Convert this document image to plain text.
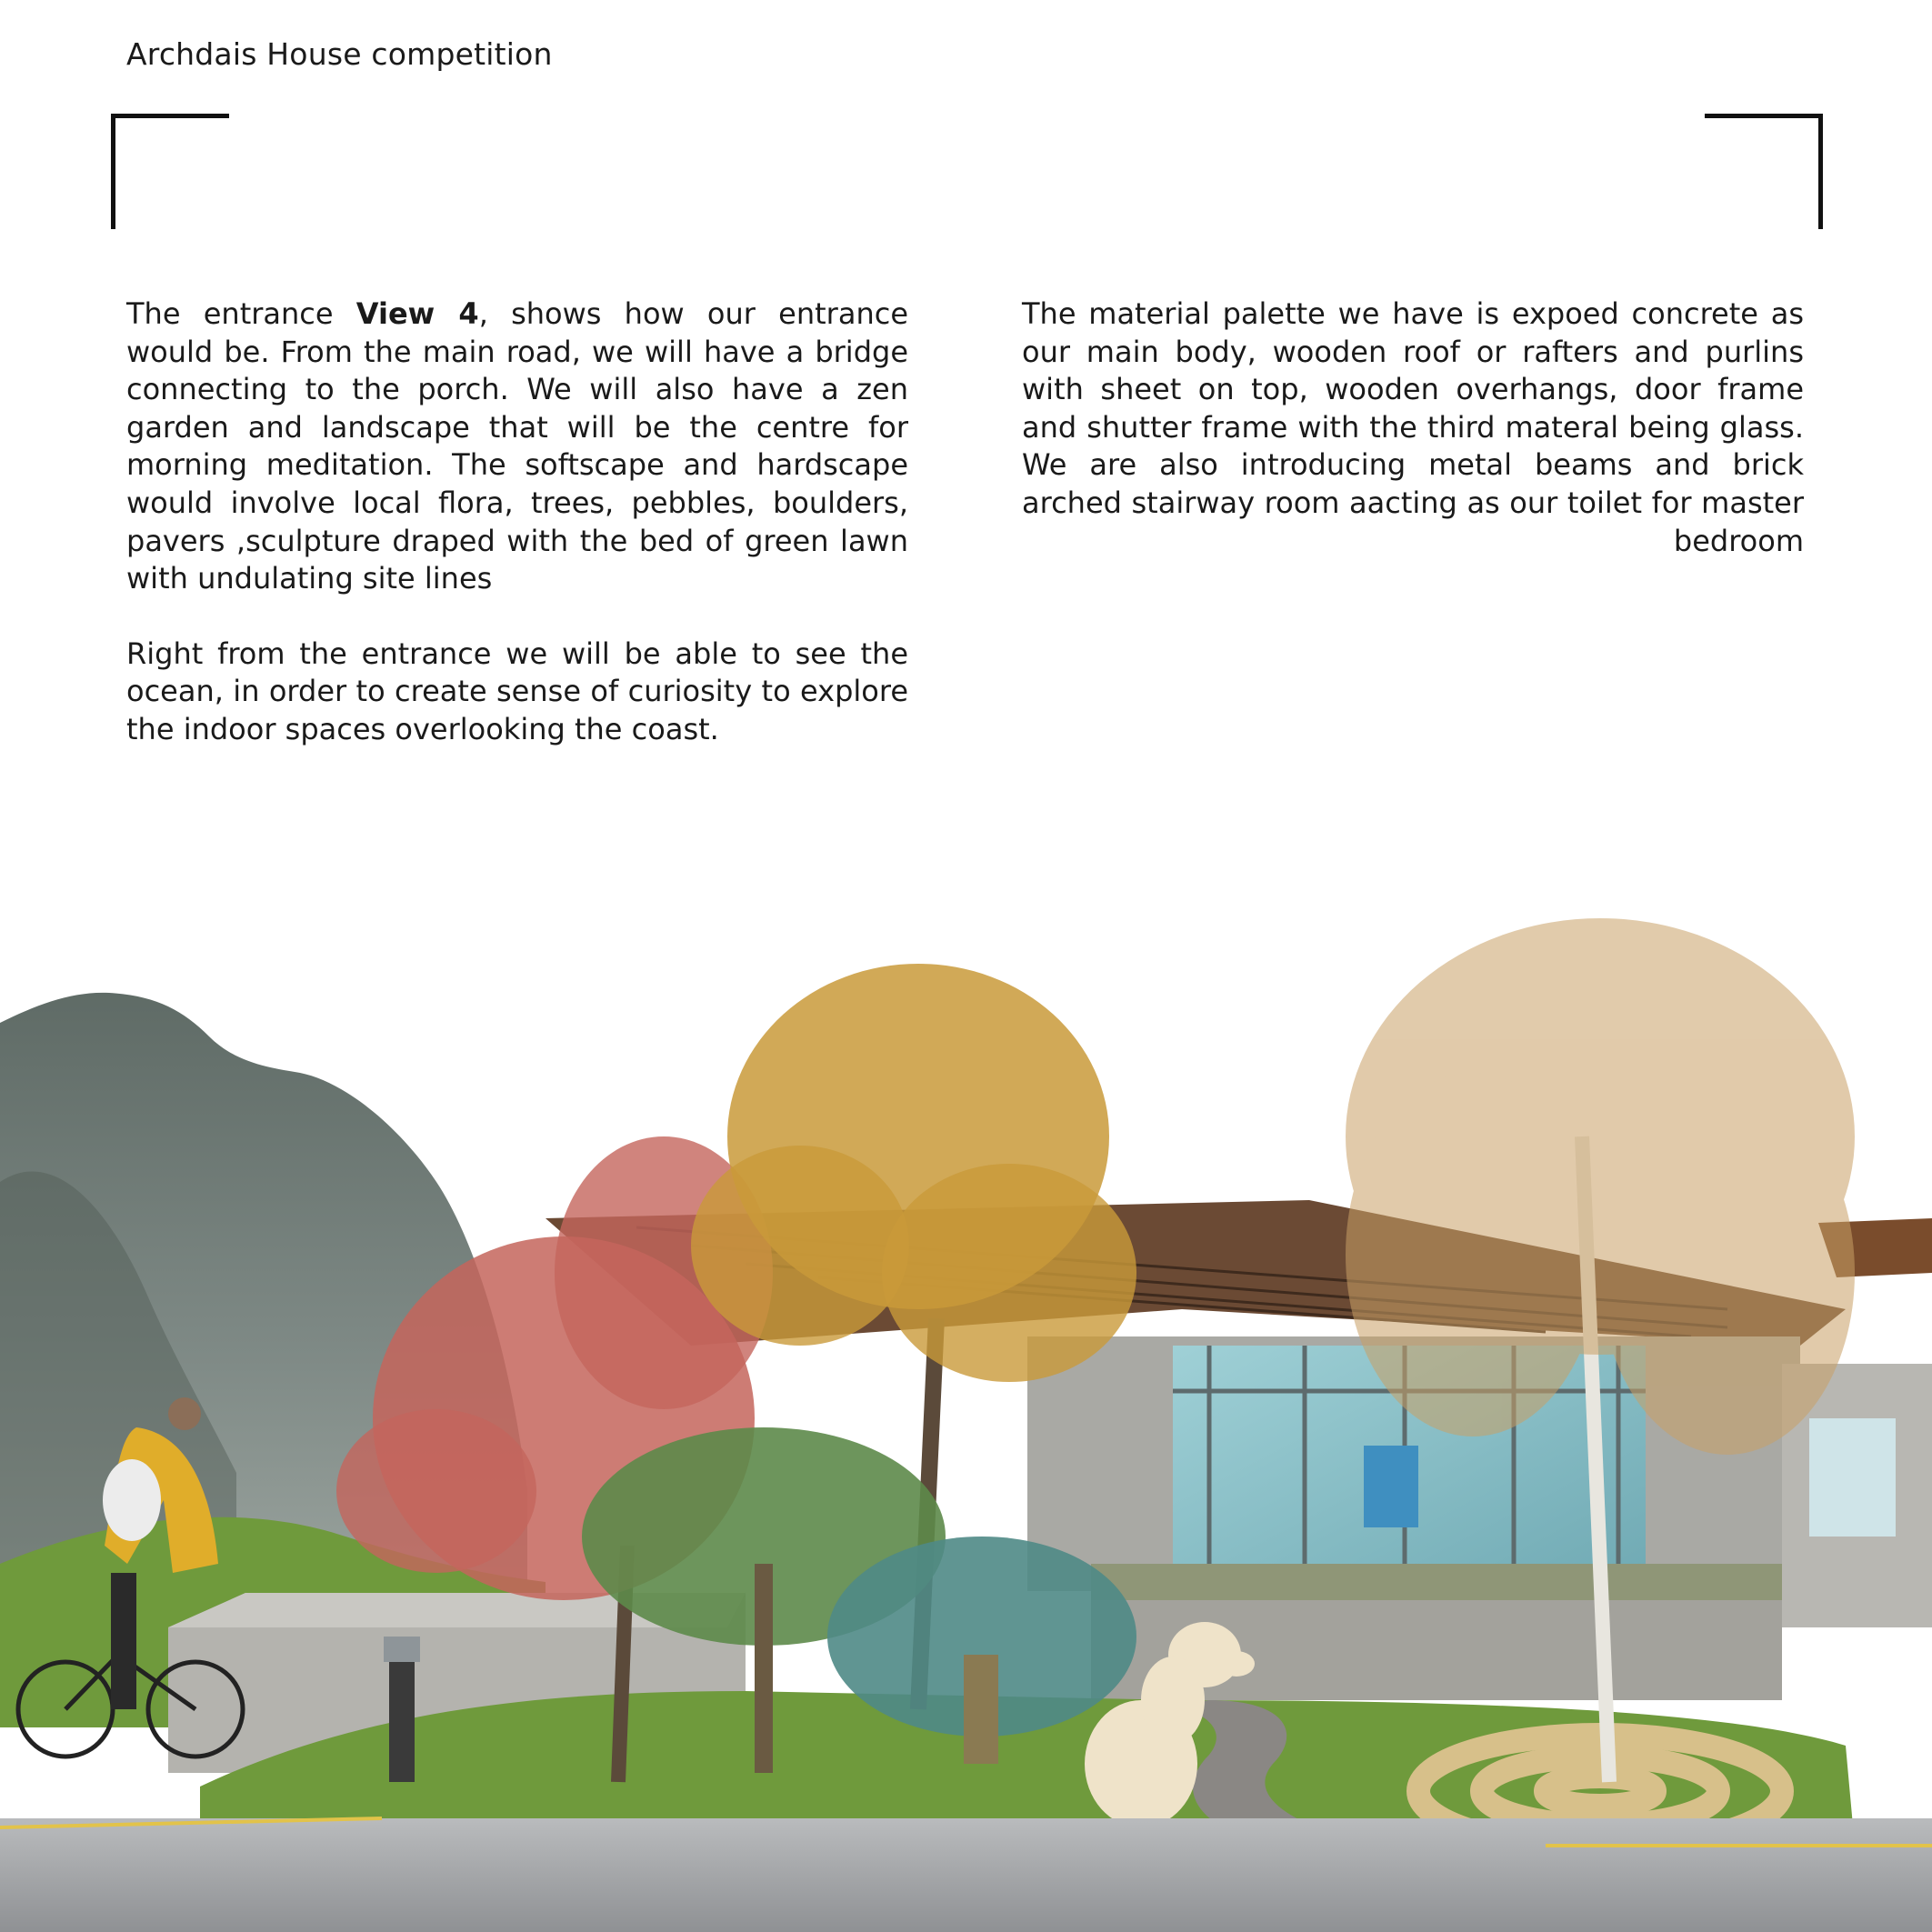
Archdais House competition

The entrance View 4, shows how our entrance would be. From the main road, we will have a bridge connecting to the porch. We will also have a zen garden and landscape that will be the centre for morning meditation. The softscape and hardscape would involve local flora, trees, pebbles, boulders, pavers ,sculpture draped with the bed of green lawn with undulating site lines

Right from the entrance we will be able to see the ocean, in order to create sense of curiosity to explore the indoor spaces overlooking the coast.

The material palette we have is expoed concrete as our main body, wooden roof or rafters and purlins with sheet on top, wooden overhangs, door frame and shutter frame with the third materal being glass. We are also introducing metal beams and brick arched stairway room aacting as our toilet for master bedroom
